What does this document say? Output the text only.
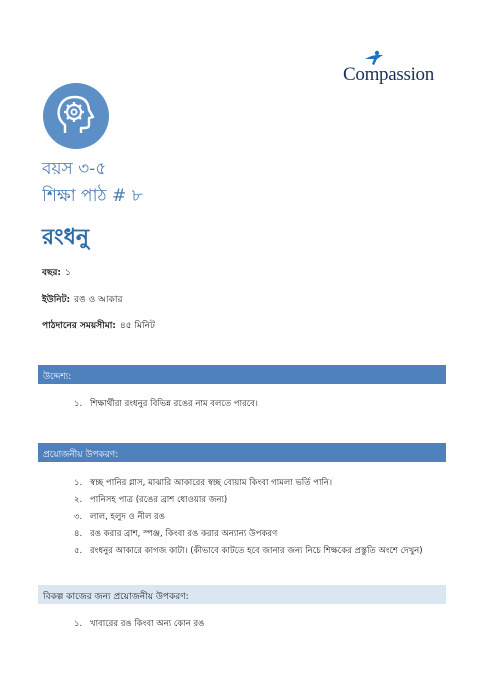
Compassion
বয়স ৩-৫
শিক্ষা পাঠ # ৮
রংধনু
বছর: ১
ইউনিট: রঙ ও আকার
পাঠদানের সময়সীমা: ৪৫ মিনিট
উদ্দেশ্য:
১. শিক্ষার্থীরা রংধনুর বিভিন্ন রঙের নাম বলতে পারবে।
প্রয়োজনীয় উপকরণ:
১. স্বচ্ছ পানির গ্লাস, মাঝারি আকারের স্বচ্ছ বোয়াম কিংবা গামলা ভর্তি পানি।
২. পানিসহ পাত্র (রঙের ব্রাশ ধোওয়ার জন্য)
৩. লাল, হলুদ ও নীল রঙ
৪. রঙ করার ব্রাশ, স্পঞ্জ, কিংবা রঙ করার অন্যান্য উপকরণ
৫. রংধনুর আকারে কাগজ কাটা। (কীভাবে কাটতে হবে জানার জন্য নিচে শিক্ষকের প্রস্তুতি অংশে দেখুন)
বিকল্প কাজের জন্য প্রয়োজনীয় উপকরণ:
১. খাবারের রঙ কিংবা অন্য কোন রঙ
